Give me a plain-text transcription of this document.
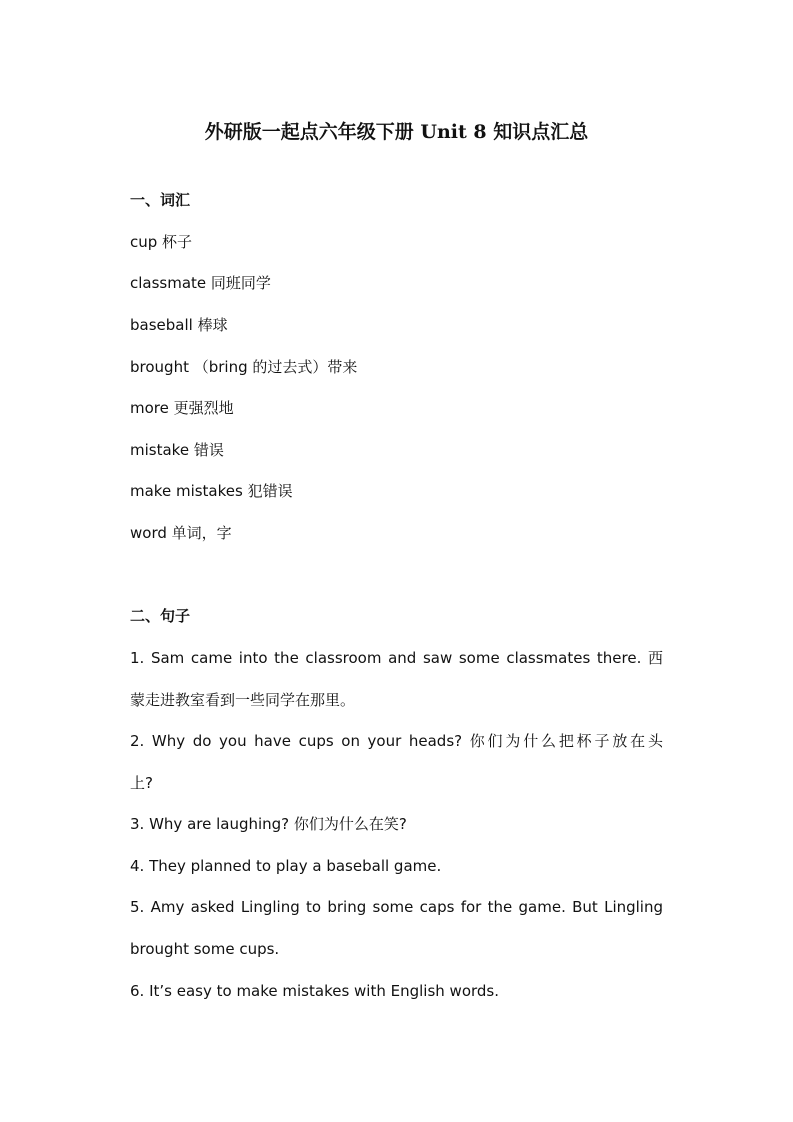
外研版一起点六年级下册 Unit 8 知识点汇总
一、词汇
cup 杯子
classmate 同班同学
baseball 棒球
brought （bring 的过去式）带来
more 更强烈地
mistake 错误
make mistakes 犯错误
word 单词，字
二、句子
1. Sam came into the classroom and saw some classmates there. 西
蒙走进教室看到一些同学在那里。
2. Why do you have cups on your heads? 你们为什么把杯子放在头
上?
3. Why are laughing? 你们为什么在笑?
4. They planned to play a baseball game.
5. Amy asked Lingling to bring some caps for the game. But Lingling
brought some cups.
6. It’s easy to make mistakes with English words.
